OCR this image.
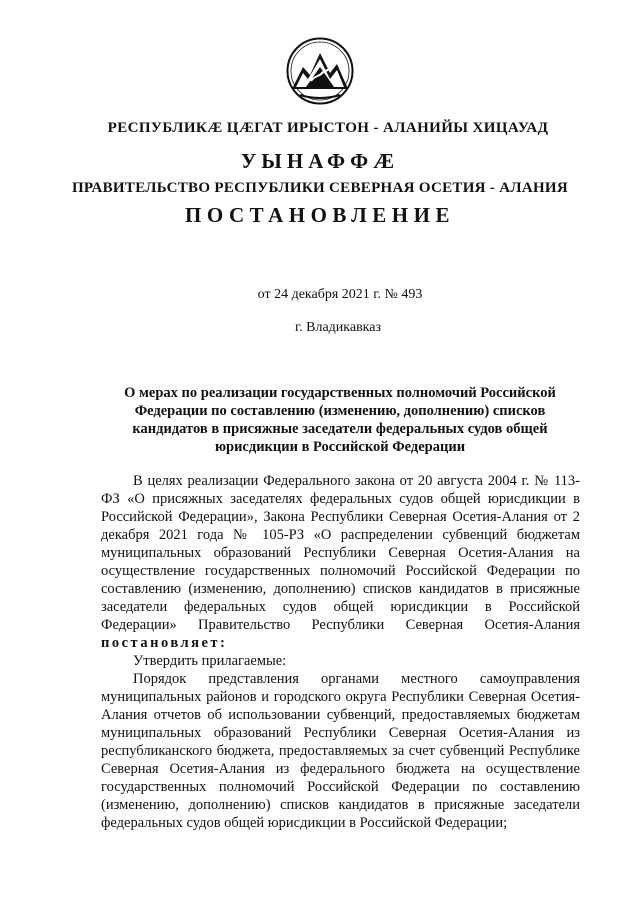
РЕСПУБЛИКÆ ЦÆГАТ ИРЫСТОН - АЛАНИЙЫ ХИЦАУАД
УЫНАФФÆ
ПРАВИТЕЛЬСТВО РЕСПУБЛИКИ СЕВЕРНАЯ ОСЕТИЯ - АЛАНИЯ
ПОСТАНОВЛЕНИЕ
от 24 декабря 2021 г. № 493
г. Владикавказ
О мерах по реализации государственных полномочий Российской Федерации по составлению (изменению, дополнению) списков кандидатов в присяжные заседатели федеральных судов общей юрисдикции в Российской Федерации

В целях реализации Федерального закона от 20 августа 2004 г. № 113-ФЗ «О присяжных заседателях федеральных судов общей юрисдикции в Российской Федерации», Закона Республики Северная Осетия-Алания от 2 декабря 2021 года № 105-РЗ «О распределении субвенций бюджетам муниципальных образований Республики Северная Осетия-Алания на осуществление государственных полномочий Российской Федерации по составлению (изменению, дополнению) списков кандидатов в присяжные заседатели федеральных судов общей юрисдикции в Российской Федерации» Правительство Республики Северная Осетия-Алания постановляет:

Утвердить прилагаемые:

Порядок представления органами местного самоуправления муниципальных районов и городского округа Республики Северная Осетия-Алания отчетов об использовании субвенций, предоставляемых бюджетам муниципальных образований Республики Северная Осетия-Алания из республиканского бюджета, предоставляемых за счет субвенций Республике Северная Осетия-Алания из федерального бюджета на осуществление государственных полномочий Российской Федерации по составлению (изменению, дополнению) списков кандидатов в присяжные заседатели федеральных судов общей юрисдикции в Российской Федерации;
